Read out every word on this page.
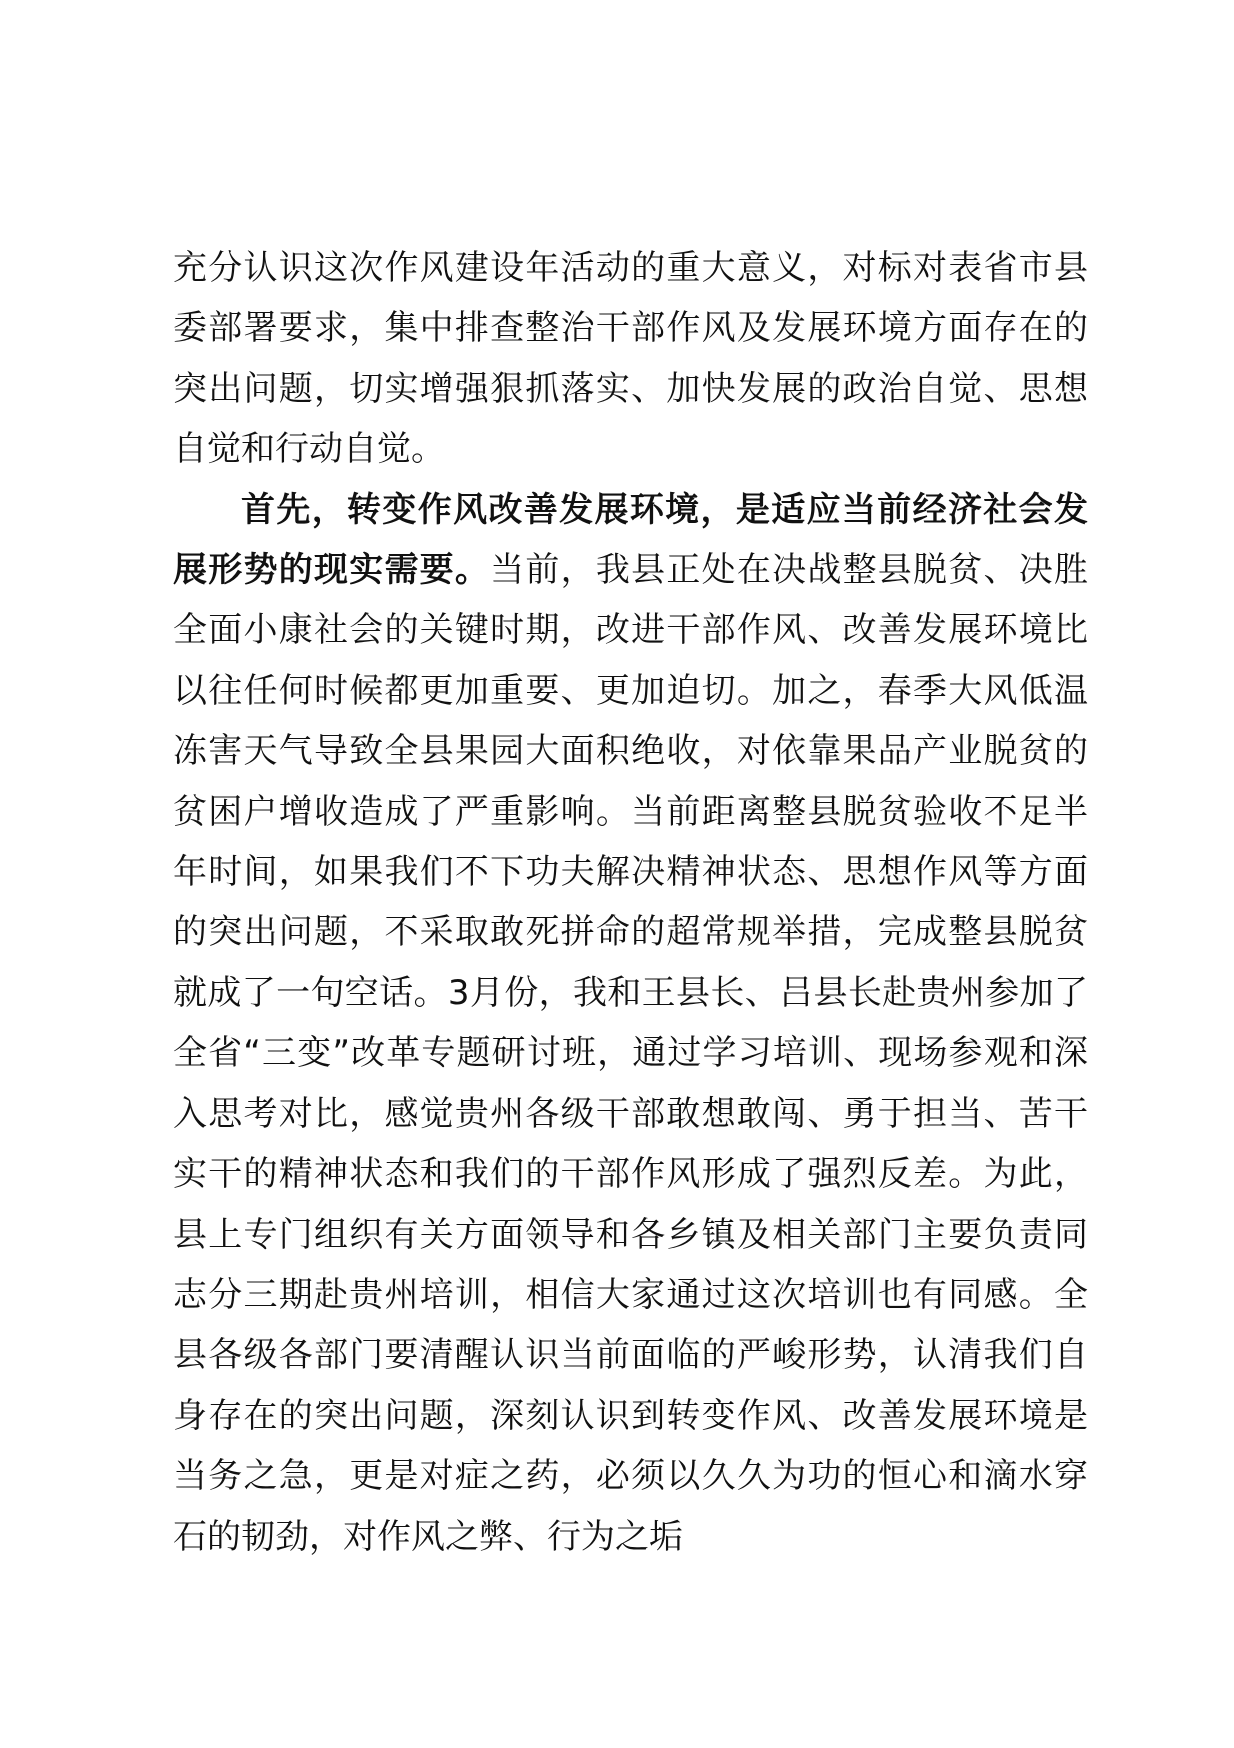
充分认识这次作风建设年活动的重大意义，对标对表省市县委部署要求，集中排查整治干部作风及发展环境方面存在的突出问题，切实增强狠抓落实、加快发展的政治自觉、思想自觉和行动自觉。

首先，转变作风改善发展环境，是适应当前经济社会发展形势的现实需要。当前，我县正处在决战整县脱贫、决胜全面小康社会的关键时期，改进干部作风、改善发展环境比以往任何时候都更加重要、更加迫切。加之，春季大风低温冻害天气导致全县果园大面积绝收，对依靠果品产业脱贫的贫困户增收造成了严重影响。当前距离整县脱贫验收不足半年时间，如果我们不下功夫解决精神状态、思想作风等方面的突出问题，不采取敢死拼命的超常规举措，完成整县脱贫就成了一句空话。3月份，我和王县长、吕县长赴贵州参加了全省“三变”改革专题研讨班，通过学习培训、现场参观和深入思考对比，感觉贵州各级干部敢想敢闯、勇于担当、苦干实干的精神状态和我们的干部作风形成了强烈反差。为此，县上专门组织有关方面领导和各乡镇及相关部门主要负责同志分三期赴贵州培训，相信大家通过这次培训也有同感。全县各级各部门要清醒认识当前面临的严峻形势，认清我们自身存在的突出问题，深刻认识到转变作风、改善发展环境是当务之急，更是对症之药，必须以久久为功的恒心和滴水穿石的韧劲，对作风之弊、行为之垢
